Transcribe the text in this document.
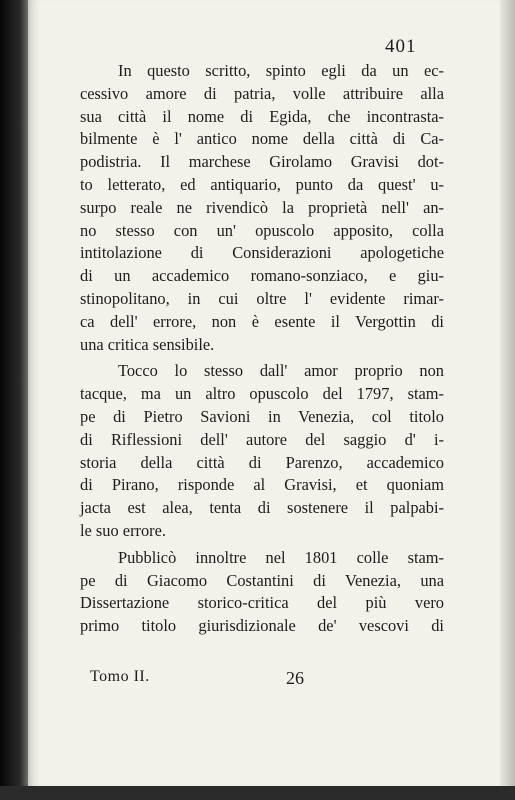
401
In questo scritto, spinto egli da un ec-
cessivo amore di patria, volle attribuire alla
sua città il nome di Egida, che incontrasta-
bilmente è l' antico nome della città di Ca-
podistria. Il marchese Girolamo Gravisi dot-
to letterato, ed antiquario, punto da quest' u-
surpo reale ne rivendicò la proprietà nell' an-
no stesso con un' opuscolo apposito, colla
intitolazione di Considerazioni apologetiche
di un accademico romano-sonziaco, e giu-
stinopolitano, in cui oltre l' evidente rimar-
ca dell' errore, non è esente il Vergottin di
una critica sensibile.
Tocco lo stesso dall' amor proprio non
tacque, ma un altro opuscolo del 1797, stam-
pe di Pietro Savioni in Venezia, col titolo
di Riflessioni dell' autore del saggio d' i-
storia della città di Parenzo, accademico
di Pirano, risponde al Gravisi, et quoniam
jacta est alea, tenta di sostenere il palpabi-
le suo errore.
Pubblicò innoltre nel 1801 colle stam-
pe di Giacomo Costantini di Venezia, una
Dissertazione storico-critica del più vero
primo titolo giurisdizionale de' vescovi di
Tomo II.	26
